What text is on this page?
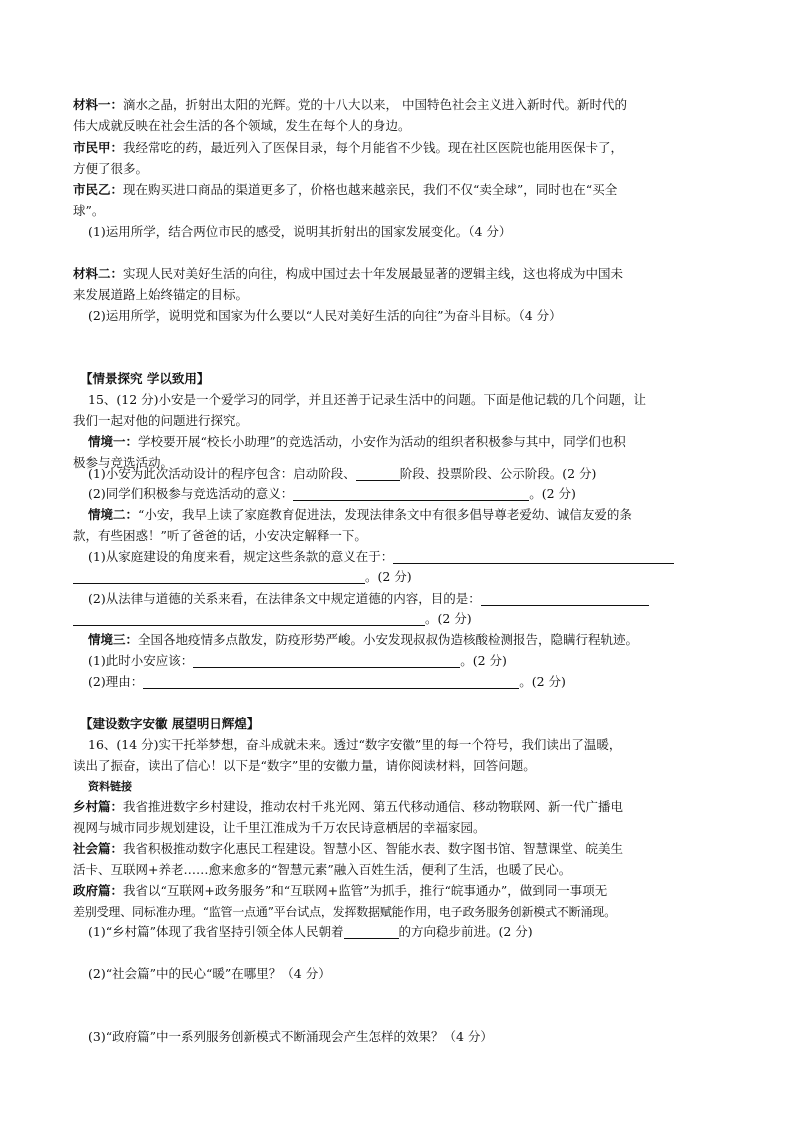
材料一：滴水之晶，折射出太阳的光辉。党的十八大以来， 中国特色社会主义进入新时代。新时代的
伟大成就反映在社会生活的各个领域，发生在每个人的身边。
市民甲：我经常吃的药，最近列入了医保目录，每个月能省不少钱。现在社区医院也能用医保卡了，
方便了很多。
市民乙：现在购买进口商品的渠道更多了，价格也越来越亲民，我们不仅“卖全球”，同时也在“买全
球”。
(1)运用所学，结合两位市民的感受，说明其折射出的国家发展变化。（4 分）
材料二：实现人民对美好生活的向往，构成中国过去十年发展最显著的逻辑主线，这也将成为中国未
来发展道路上始终锚定的目标。
(2)运用所学，说明党和国家为什么要以“人民对美好生活的向往”为奋斗目标。（4 分）
【情景探究 学以致用】
15、(12 分)小安是一个爱学习的同学，并且还善于记录生活中的问题。下面是他记载的几个问题，让
我们一起对他的问题进行探究。
情境一：学校要开展“校长小助理”的竞选活动，小安作为活动的组织者积极参与其中，同学们也积
极参与竞选活动。
(1)小安为此次活动设计的程序包含：启动阶段、	阶段、投票阶段、公示阶段。(2 分)
(2)同学们积极参与竞选活动的意义：	。(2 分)
情境二：“小安，我早上读了家庭教育促进法，发现法律条文中有很多倡导尊老爱幼、诚信友爱的条
款，有些困惑！”听了爸爸的话，小安决定解释一下。
(1)从家庭建设的角度来看，规定这些条款的意义在于：
。(2 分)
(2)从法律与道德的关系来看，在法律条文中规定道德的内容，目的是：
。(2 分)
情境三：全国各地疫情多点散发，防疫形势严峻。小安发现叔叔伪造核酸检测报告，隐瞒行程轨迹。
(1)此时小安应该：	。(2 分)
(2)理由：	。(2 分)
【建设数字安徽 展望明日辉煌】
16、(14 分)实干托举梦想，奋斗成就未来。透过“数字安徽”里的每一个符号，我们读出了温暖，
读出了振奋，读出了信心！以下是“数字”里的安徽力量，请你阅读材料，回答问题。
资料链接
乡村篇：我省推进数字乡村建设，推动农村千兆光网、第五代移动通信、移动物联网、新一代广播电
视网与城市同步规划建设，让千里江淮成为千万农民诗意栖居的幸福家园。
社会篇：我省积极推动数字化惠民工程建设。智慧小区、智能水表、数字图书馆、智慧课堂、皖美生
活卡、互联网+养老……愈来愈多的“智慧元素”融入百姓生活，便利了生活，也暖了民心。
政府篇：我省以“互联网+政务服务”和“互联网+监管”为抓手，推行“皖事通办”，做到同一事项无
差别受理、同标准办理。“监管一点通”平台试点，发挥数据赋能作用，电子政务服务创新模式不断涌现。
(1)“乡村篇”体现了我省坚持引领全体人民朝着	的方向稳步前进。(2 分)
(2)“社会篇”中的民心“暖”在哪里？（4 分）
(3)“政府篇”中一系列服务创新模式不断涌现会产生怎样的效果？（4 分）
